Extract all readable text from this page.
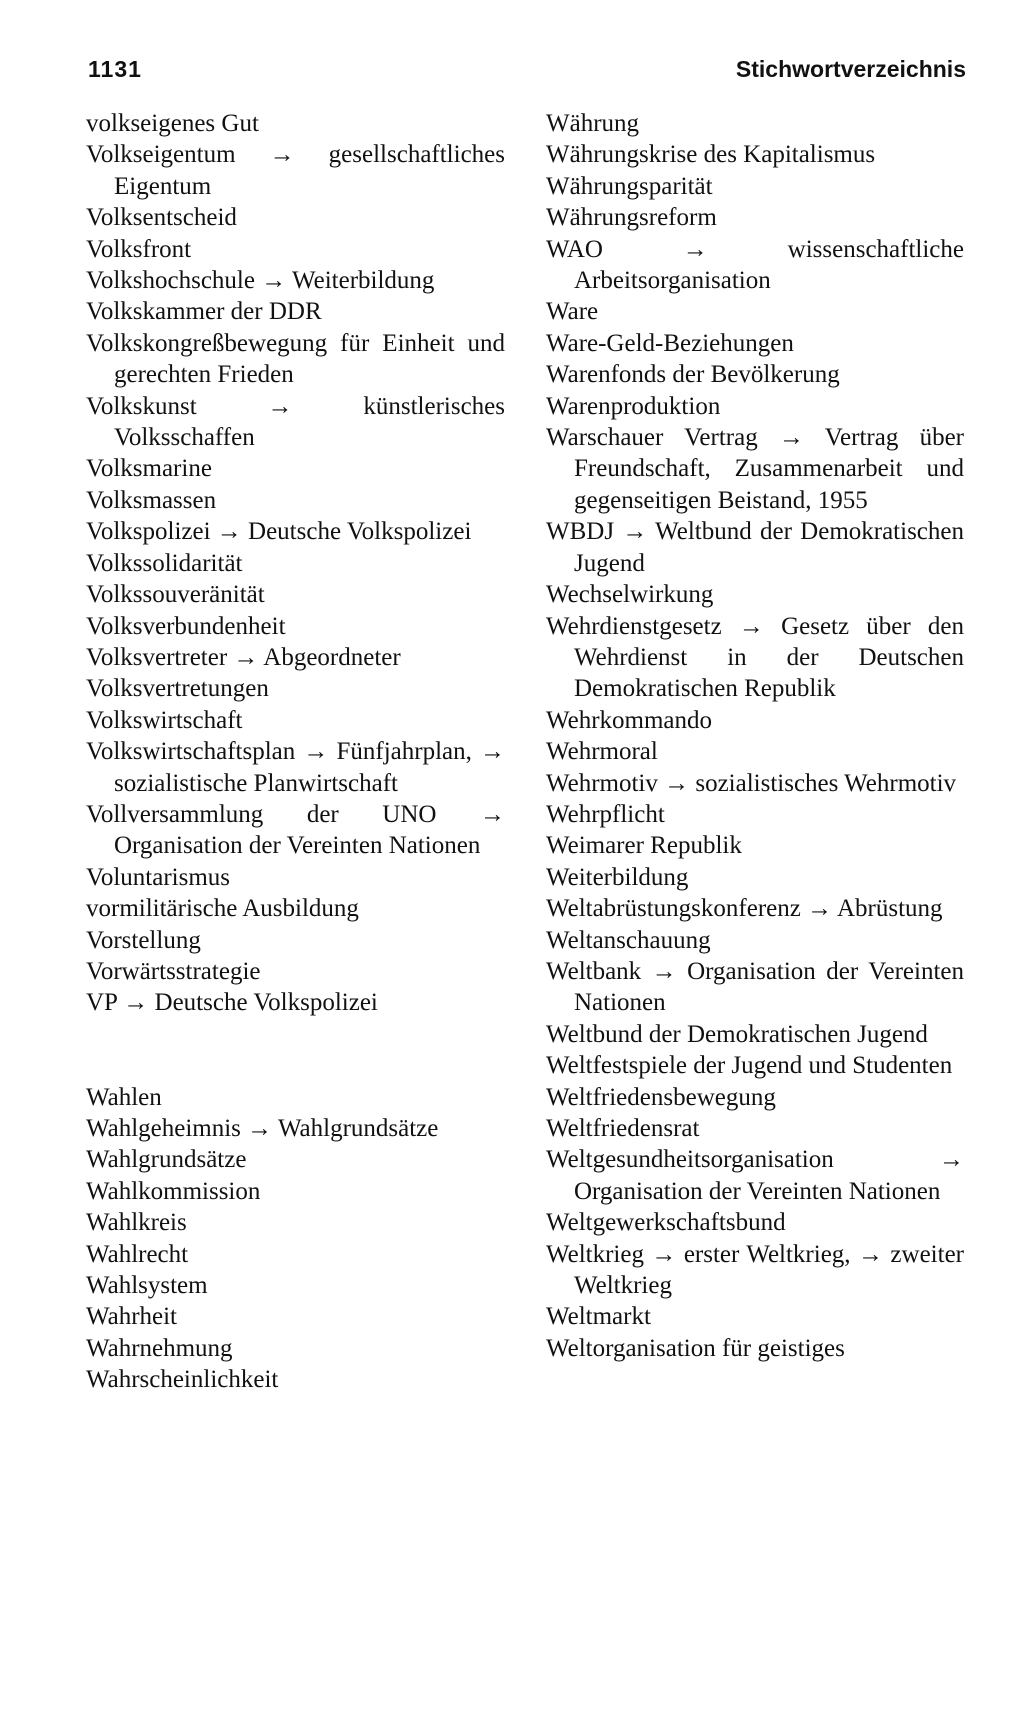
1131	Stichwortverzeichnis
volkseigenes Gut
Volkseigentum → gesellschaftliches Eigentum
Volksentscheid
Volksfront
Volkshochschule → Weiterbildung
Volkskammer der DDR
Volkskongreßbewegung für Einheit und gerechten Frieden
Volkskunst → künstlerisches Volksschaffen
Volksmarine
Volksmassen
Volkspolizei → Deutsche Volkspolizei
Volkssolidarität
Volkssouveränität
Volksverbundenheit
Volksvertreter → Abgeordneter
Volksvertretungen
Volkswirtschaft
Volkswirtschaftsplan → Fünfjahrplan, → sozialistische Planwirtschaft
Vollversammlung der UNO → Organisation der Vereinten Nationen
Voluntarismus
vormilitärische Ausbildung
Vorstellung
Vorwärtsstrategie
VP → Deutsche Volkspolizei
Wahlen
Wahlgeheimnis → Wahlgrundsätze
Wahlgrundsätze
Wahlkommission
Wahlkreis
Wahlrecht
Wahlsystem
Wahrheit
Wahrnehmung
Wahrscheinlichkeit
Währung
Währungskrise des Kapitalismus
Währungsparität
Währungsreform
WAO → wissenschaftliche Arbeitsorganisation
Ware
Ware-Geld-Beziehungen
Warenfonds der Bevölkerung
Warenproduktion
Warschauer Vertrag → Vertrag über Freundschaft, Zusammenarbeit und gegenseitigen Beistand, 1955
WBDJ → Weltbund der Demokratischen Jugend
Wechselwirkung
Wehrdienstgesetz → Gesetz über den Wehrdienst in der Deutschen Demokratischen Republik
Wehrkommando
Wehrmoral
Wehrmotiv → sozialistisches Wehrmotiv
Wehrpflicht
Weimarer Republik
Weiterbildung
Weltabrüstungskonferenz → Abrüstung
Weltanschauung
Weltbank → Organisation der Vereinten Nationen
Weltbund der Demokratischen Jugend
Weltfestspiele der Jugend und Studenten
Weltfriedensbewegung
Weltfriedensrat
Weltgesundheitsorganisation → Organisation der Vereinten Nationen
Weltgewerkschaftsbund
Weltkrieg → erster Weltkrieg, → zweiter Weltkrieg
Weltmarkt
Weltorganisation für geistiges
